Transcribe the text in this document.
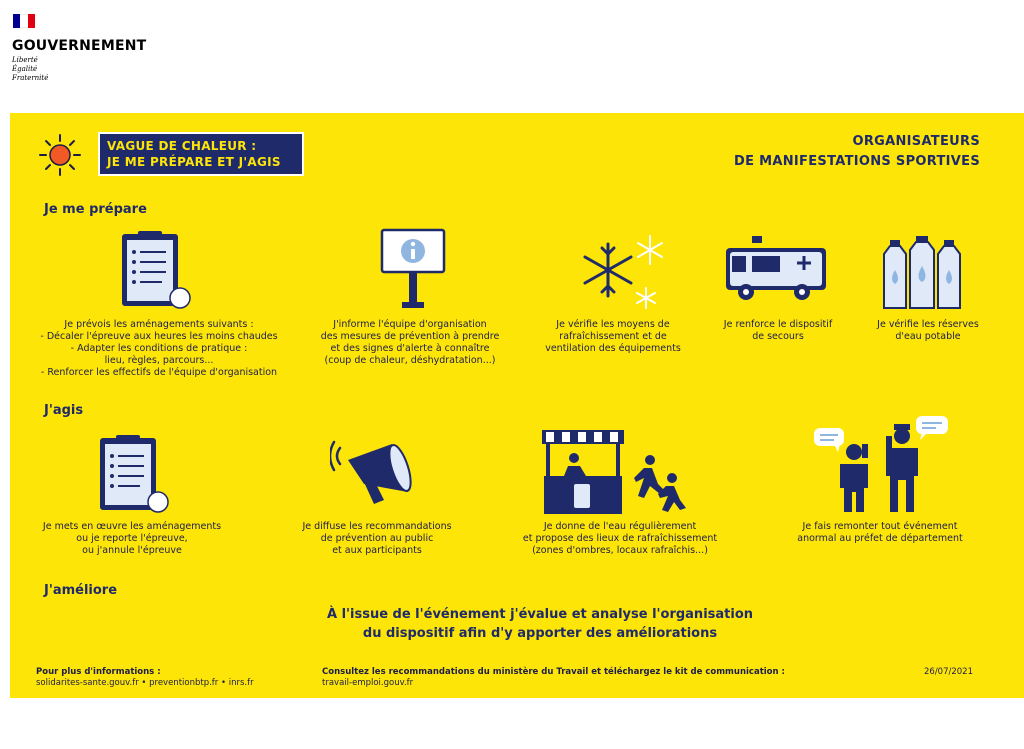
GOUVERNEMENT
Liberté
Égalité
Fraternité
VAGUE DE CHALEUR :
JE ME PRÉPARE ET J'AGIS
ORGANISATEURS
DE MANIFESTATIONS SPORTIVES
Je me prépare
J'agis
J'améliore
Je prévois les aménagements suivants :
- Décaler l'épreuve aux heures les moins chaudes
- Adapter les conditions de pratique :
lieu, règles, parcours...
- Renforcer les effectifs de l'équipe d'organisation
J'informe l'équipe d'organisation
des mesures de prévention à prendre
et des signes d'alerte à connaître
(coup de chaleur, déshydratation...)
Je vérifie les moyens de
rafraîchissement et de
ventilation des équipements
Je renforce le dispositif
de secours
Je vérifie les réserves
d'eau potable
Je mets en œuvre les aménagements
ou je reporte l'épreuve,
ou j'annule l'épreuve
Je diffuse les recommandations
de prévention au public
et aux participants
Je donne de l'eau régulièrement
et propose des lieux de rafraîchissement
(zones d'ombres, locaux rafraîchis...)
Je fais remonter tout événement
anormal au préfet de département
À l'issue de l'événement j'évalue et analyse l'organisation
du dispositif afin d'y apporter des améliorations
Pour plus d'informations :
solidarites-sante.gouv.fr • preventionbtp.fr • inrs.fr
Consultez les recommandations du ministère du Travail et téléchargez le kit de communication :
travail-emploi.gouv.fr
26/07/2021
